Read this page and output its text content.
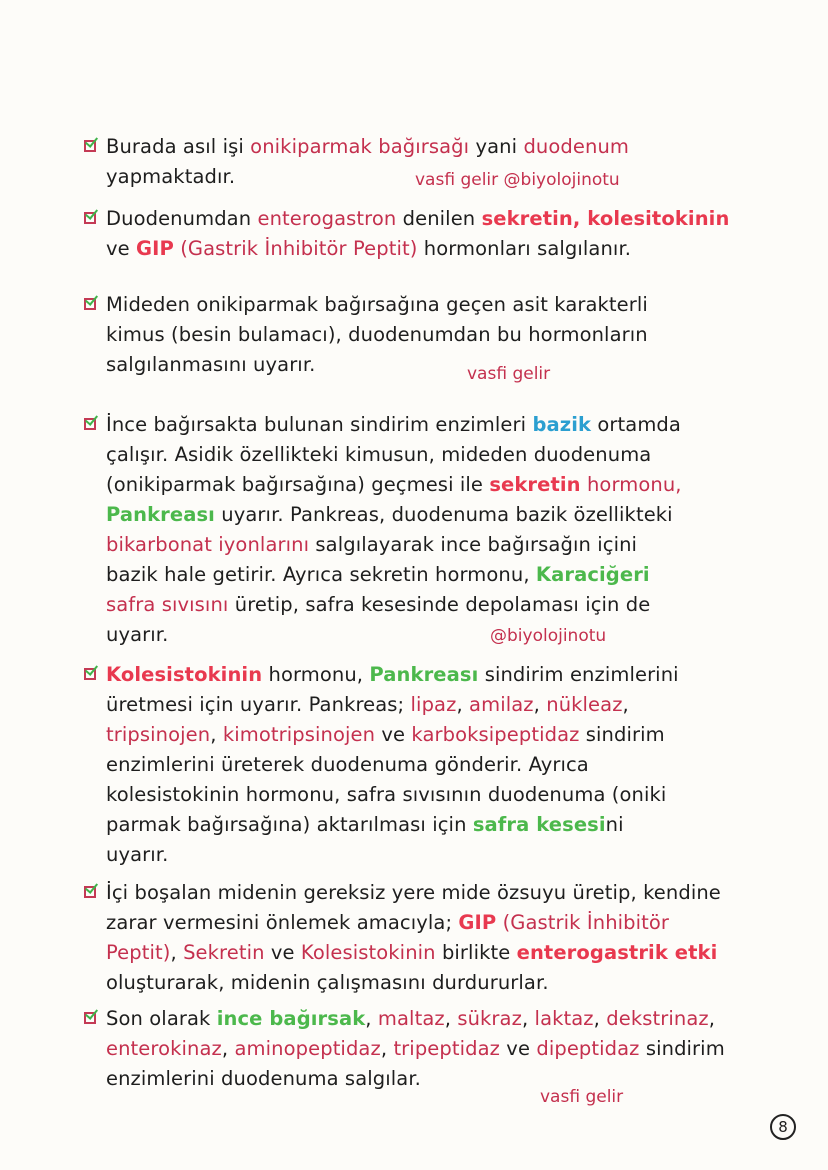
Burada asıl işi onikiparmak bağırsağı yani duodenum
yapmaktadır.
Duodenumdan enterogastron denilen sekretin, kolesitokinin
ve GIP (Gastrik İnhibitör Peptit) hormonları salgılanır.
Mideden onikiparmak bağırsağına geçen asit karakterli
kimus (besin bulamacı), duodenumdan bu hormonların
salgılanmasını uyarır.
İnce bağırsakta bulunan sindirim enzimleri bazik ortamda
çalışır. Asidik özellikteki kimusun, mideden duodenuma
(onikiparmak bağırsağına) geçmesi ile sekretin hormonu,
Pankreası uyarır. Pankreas, duodenuma bazik özellikteki
bikarbonat iyonlarını salgılayarak ince bağırsağın içini
bazik hale getirir. Ayrıca sekretin hormonu, Karaciğeri
safra sıvısını üretip, safra kesesinde depolaması için de
uyarır.
Kolesistokinin hormonu, Pankreası sindirim enzimlerini
üretmesi için uyarır. Pankreas; lipaz, amilaz, nükleaz,
tripsinojen, kimotripsinojen ve karboksipeptidaz sindirim
enzimlerini üreterek duodenuma gönderir. Ayrıca
kolesistokinin hormonu, safra sıvısının duodenuma (oniki
parmak bağırsağına) aktarılması için safra kesesini
uyarır.
İçi boşalan midenin gereksiz yere mide özsuyu üretip, kendine
zarar vermesini önlemek amacıyla; GIP (Gastrik İnhibitör
Peptit), Sekretin ve Kolesistokinin birlikte enterogastrik etki
oluşturarak, midenin çalışmasını durdururlar.
Son olarak ince bağırsak, maltaz, sükraz, laktaz, dekstrinaz,
enterokinaz, aminopeptidaz, tripeptidaz ve dipeptidaz sindirim
enzimlerini duodenuma salgılar.
vasfi gelir @biyolojinotu
vasfi gelir
@biyolojinotu
vasfi gelir
8
